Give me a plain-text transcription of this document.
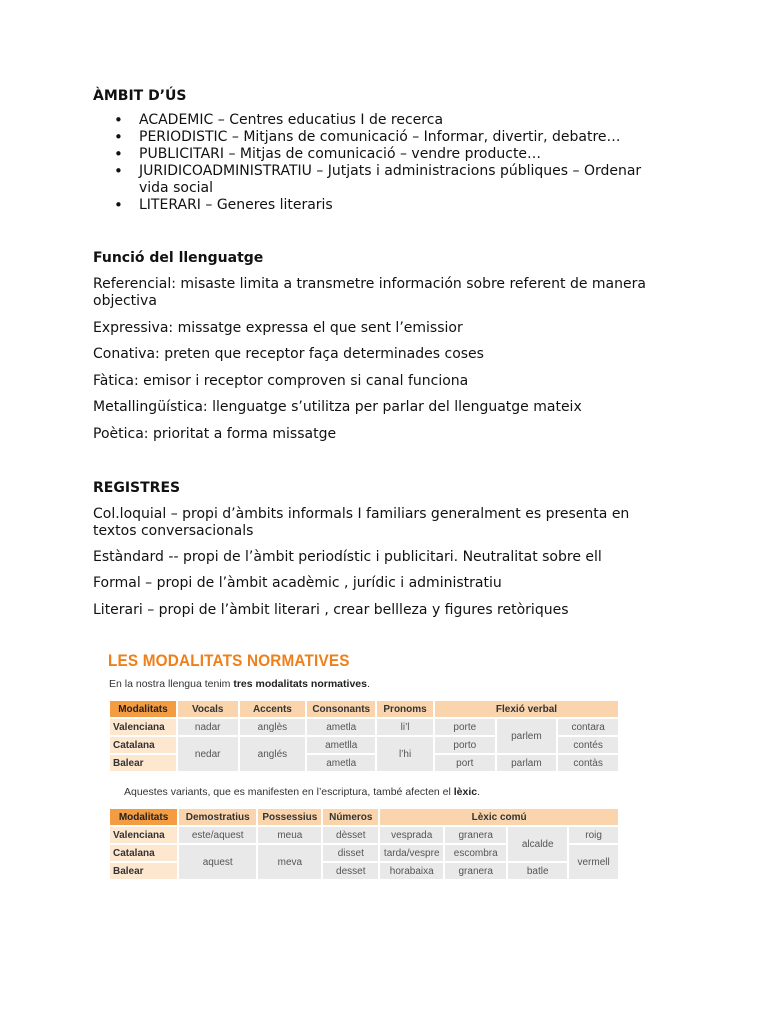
ÀMBIT D’ÚS
• ACADEMIC – Centres educatius I de recerca
• PERIODISTIC – Mitjans de comunicació – Informar, divertir, debatre…
• PUBLICITARI – Mitjas de comunicació – vendre producte…
• JURIDICOADMINISTRATIU – Jutjats i administracions públiques – Ordenar vida social
• LITERARI – Generes literaris
Funció del llenguatge
Referencial: misaste limita a transmetre información sobre referent de manera objectiva
Expressiva: missatge expressa el que sent l’emissior
Conativa: preten que receptor faça determinades coses
Fàtica: emisor i receptor comproven si canal funciona
Metallingüística: llenguatge s’utilitza per parlar del llenguatge mateix
Poètica: prioritat a forma missatge
REGISTRES
Col.loquial – propi d’àmbits informals I familiars generalment es presenta en textos conversacionals
Estàndard -- propi de l’àmbit periodístic i publicitari. Neutralitat sobre ell
Formal – propi de l’àmbit acadèmic , jurídic i administratiu
Literari – propi de l’àmbit literari , crear bellleza y figures retòriques
LES MODALITATS NORMATIVES
En la nostra llengua tenim tres modalitats normatives.
Modalitats	Vocals	Accents	Consonants	Pronoms	Flexió verbal		
Valenciana	nadar	anglès	ametla	li’l	porte	parlem	contara
Catalana	nedar	anglés	ametlla	l’hi	porto		contés
Balear			ametla		port	parlam	contàs
Aquestes variants, que es manifesten en l’escriptura, també afecten el lèxic.
Modalitats	Demostratius	Possessius	Números	Lèxic comú			
Valenciana	este/aquest	meua	dèsset	vesprada	granera	alcalde	roig
Catalana	aquest	meva	disset	tarda/vespre	escombra		vermell
Balear			desset	horabaixa	granera	batle	
